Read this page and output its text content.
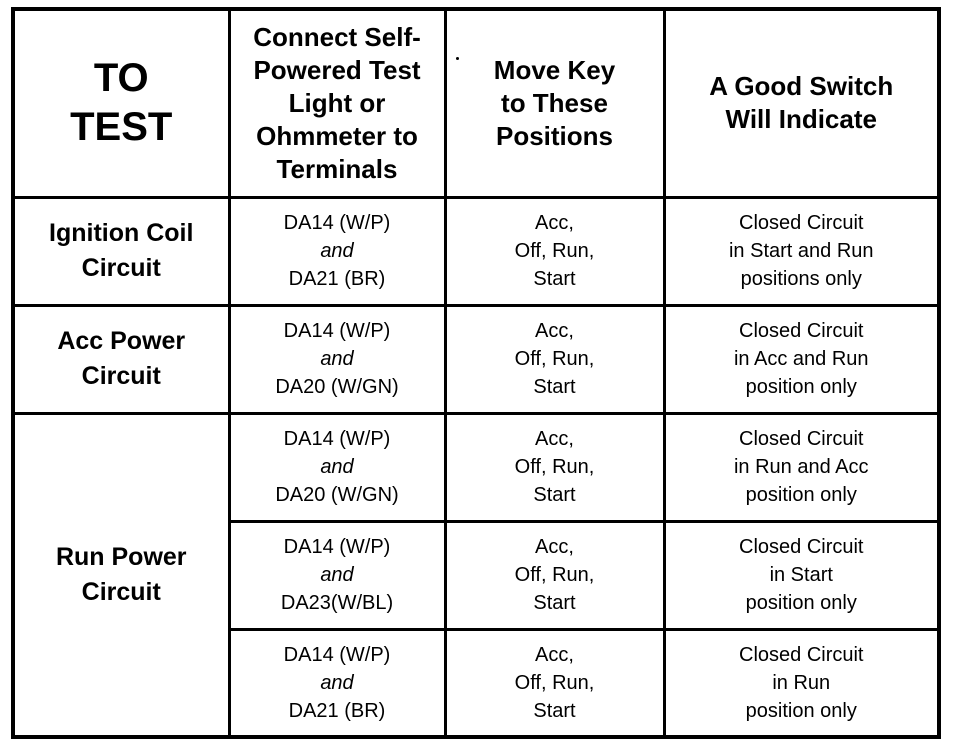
TO
TEST	Connect Self-
Powered Test
Light or
Ohmmeter to
Terminals	Move Key
to These
Positions	A Good Switch
Will Indicate

Ignition Coil
Circuit	DA14 (W/P)
and
DA21 (BR)	Acc,
Off, Run,
Start	Closed Circuit
in Start and Run
positions only

Acc Power
Circuit	DA14 (W/P)
and
DA20 (W/GN)	Acc,
Off, Run,
Start	Closed Circuit
in Acc and Run
position only

Run Power
Circuit	DA14 (W/P)
and
DA20 (W/GN)	Acc,
Off, Run,
Start	Closed Circuit
in Run and Acc
position only

	DA14 (W/P)
and
DA23(W/BL)	Acc,
Off, Run,
Start	Closed Circuit
in Start
position only

	DA14 (W/P)
and
DA21 (BR)	Acc,
Off, Run,
Start	Closed Circuit
in Run
position only
